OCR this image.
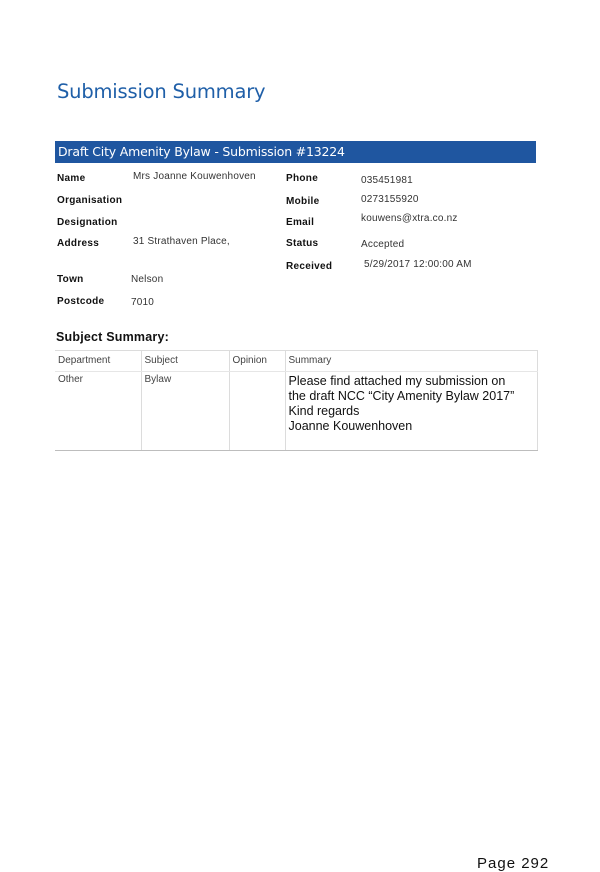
Submission Summary
Draft City Amenity Bylaw - Submission #13224
Name	Mrs Joanne Kouwenhoven
Organisation
Designation
Address	31 Strathaven Place,
Town	Nelson
Postcode	7010
Phone	035451981
Mobile	0273155920
Email	kouwens@xtra.co.nz
Status	Accepted
Received	5/29/2017 12:00:00 AM
Subject Summary:
Department	Subject	Opinion	Summary
Other	Bylaw		Please find attached my submission on
the draft NCC “City Amenity Bylaw 2017”
Kind regards
Joanne Kouwenhoven
Page 292
